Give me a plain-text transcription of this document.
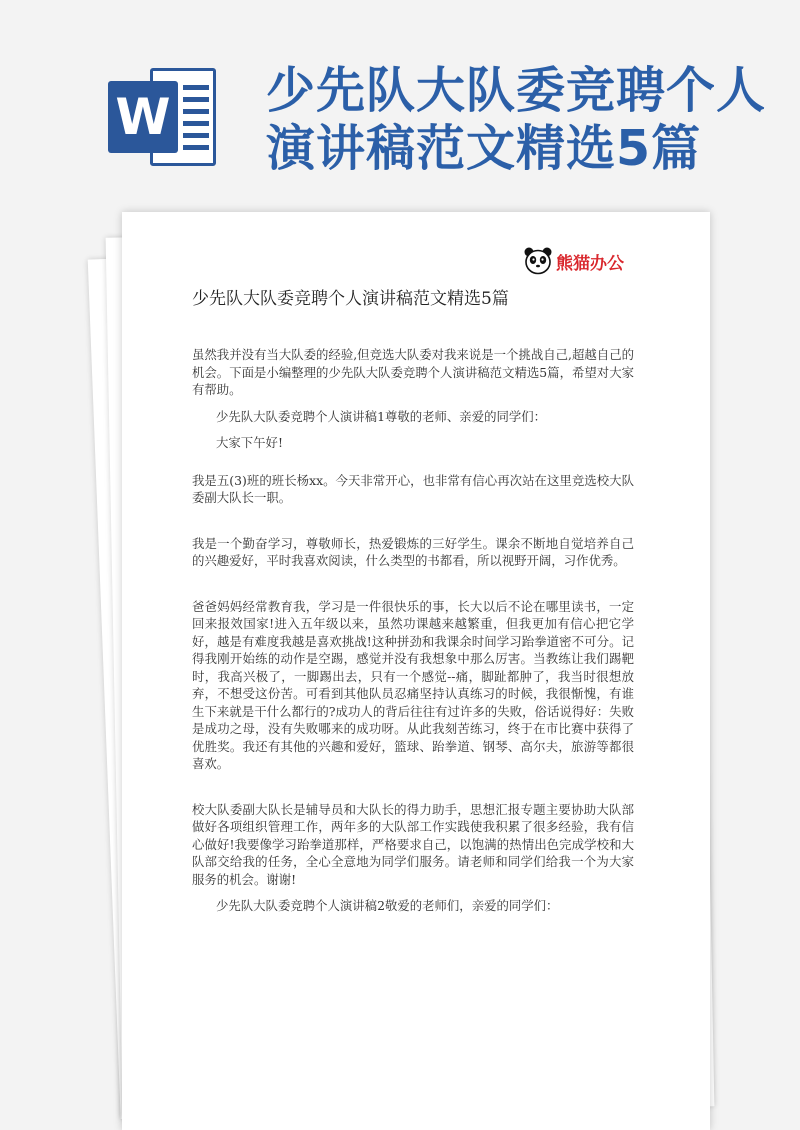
W 少先队大队委竞聘个人演讲稿范文精选5篇
熊猫办公
少先队大队委竞聘个人演讲稿范文精选5篇

虽然我并没有当大队委的经验,但竞选大队委对我来说是一个挑战自己,超越自己的机会。下面是小编整理的少先队大队委竞聘个人演讲稿范文精选5篇，希望对大家有帮助。

少先队大队委竞聘个人演讲稿1尊敬的老师、亲爱的同学们：

大家下午好!

我是五(3)班的班长杨xx。今天非常开心，也非常有信心再次站在这里竞选校大队委副大队长一职。

我是一个勤奋学习，尊敬师长，热爱锻炼的三好学生。课余不断地自觉培养自己的兴趣爱好，平时我喜欢阅读，什么类型的书都看，所以视野开阔，习作优秀。

爸爸妈妈经常教育我，学习是一件很快乐的事，长大以后不论在哪里读书，一定回来报效国家!进入五年级以来，虽然功课越来越繁重，但我更加有信心把它学好，越是有难度我越是喜欢挑战!这种拼劲和我课余时间学习跆拳道密不可分。记得我刚开始练的动作是空踢，感觉并没有我想象中那么厉害。当教练让我们踢靶时，我高兴极了，一脚踢出去，只有一个感觉--痛，脚趾都肿了，我当时很想放弃，不想受这份苦。可看到其他队员忍痛坚持认真练习的时候，我很惭愧，有谁生下来就是干什么都行的?成功人的背后往往有过许多的失败，俗话说得好：失败是成功之母，没有失败哪来的成功呀。从此我刻苦练习，终于在市比赛中获得了优胜奖。我还有其他的兴趣和爱好，篮球、跆拳道、钢琴、高尔夫，旅游等都很喜欢。

校大队委副大队长是辅导员和大队长的得力助手，思想汇报专题主要协助大队部做好各项组织管理工作，两年多的大队部工作实践使我积累了很多经验，我有信心做好!我要像学习跆拳道那样，严格要求自己，以饱满的热情出色完成学校和大队部交给我的任务，全心全意地为同学们服务。请老师和同学们给我一个为大家服务的机会。谢谢!

少先队大队委竞聘个人演讲稿2敬爱的老师们，亲爱的同学们：
